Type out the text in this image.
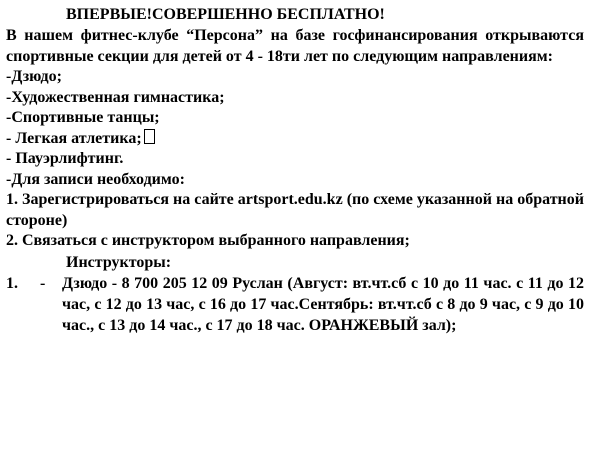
ВПЕРВЫЕ!СОВЕРШЕННО БЕСПЛАТНО!

В нашем фитнес-клубе “Персона” на базе госфинансирования открываются спортивные секции для детей от 4 - 18ти лет по следующим направлениям:

-Дзюдо;

-Художественная гимнастика;

-Спортивные танцы;

- Легкая атлетика;

- Пауэрлифтинг.

-Для записи необходимо:

1. Зарегистрироваться на сайте artsport.edu.kz (по схеме указанной на обратной стороне)

2. Связаться с инструктором выбранного направления;

Инструкторы:

1.	-	Дзюдо - 8 700 205 12 09 Руслан (Август: вт.чт.сб с 10 до 11 час. с 11 до 12 час, с 12 до 13 час, с 16 до 17 час.Сентябрь: вт.чт.сб с 8 до 9 час, с 9 до 10 час., с 13 до 14 час., с 17 до 18 час. ОРАНЖЕВЫЙ зал);
